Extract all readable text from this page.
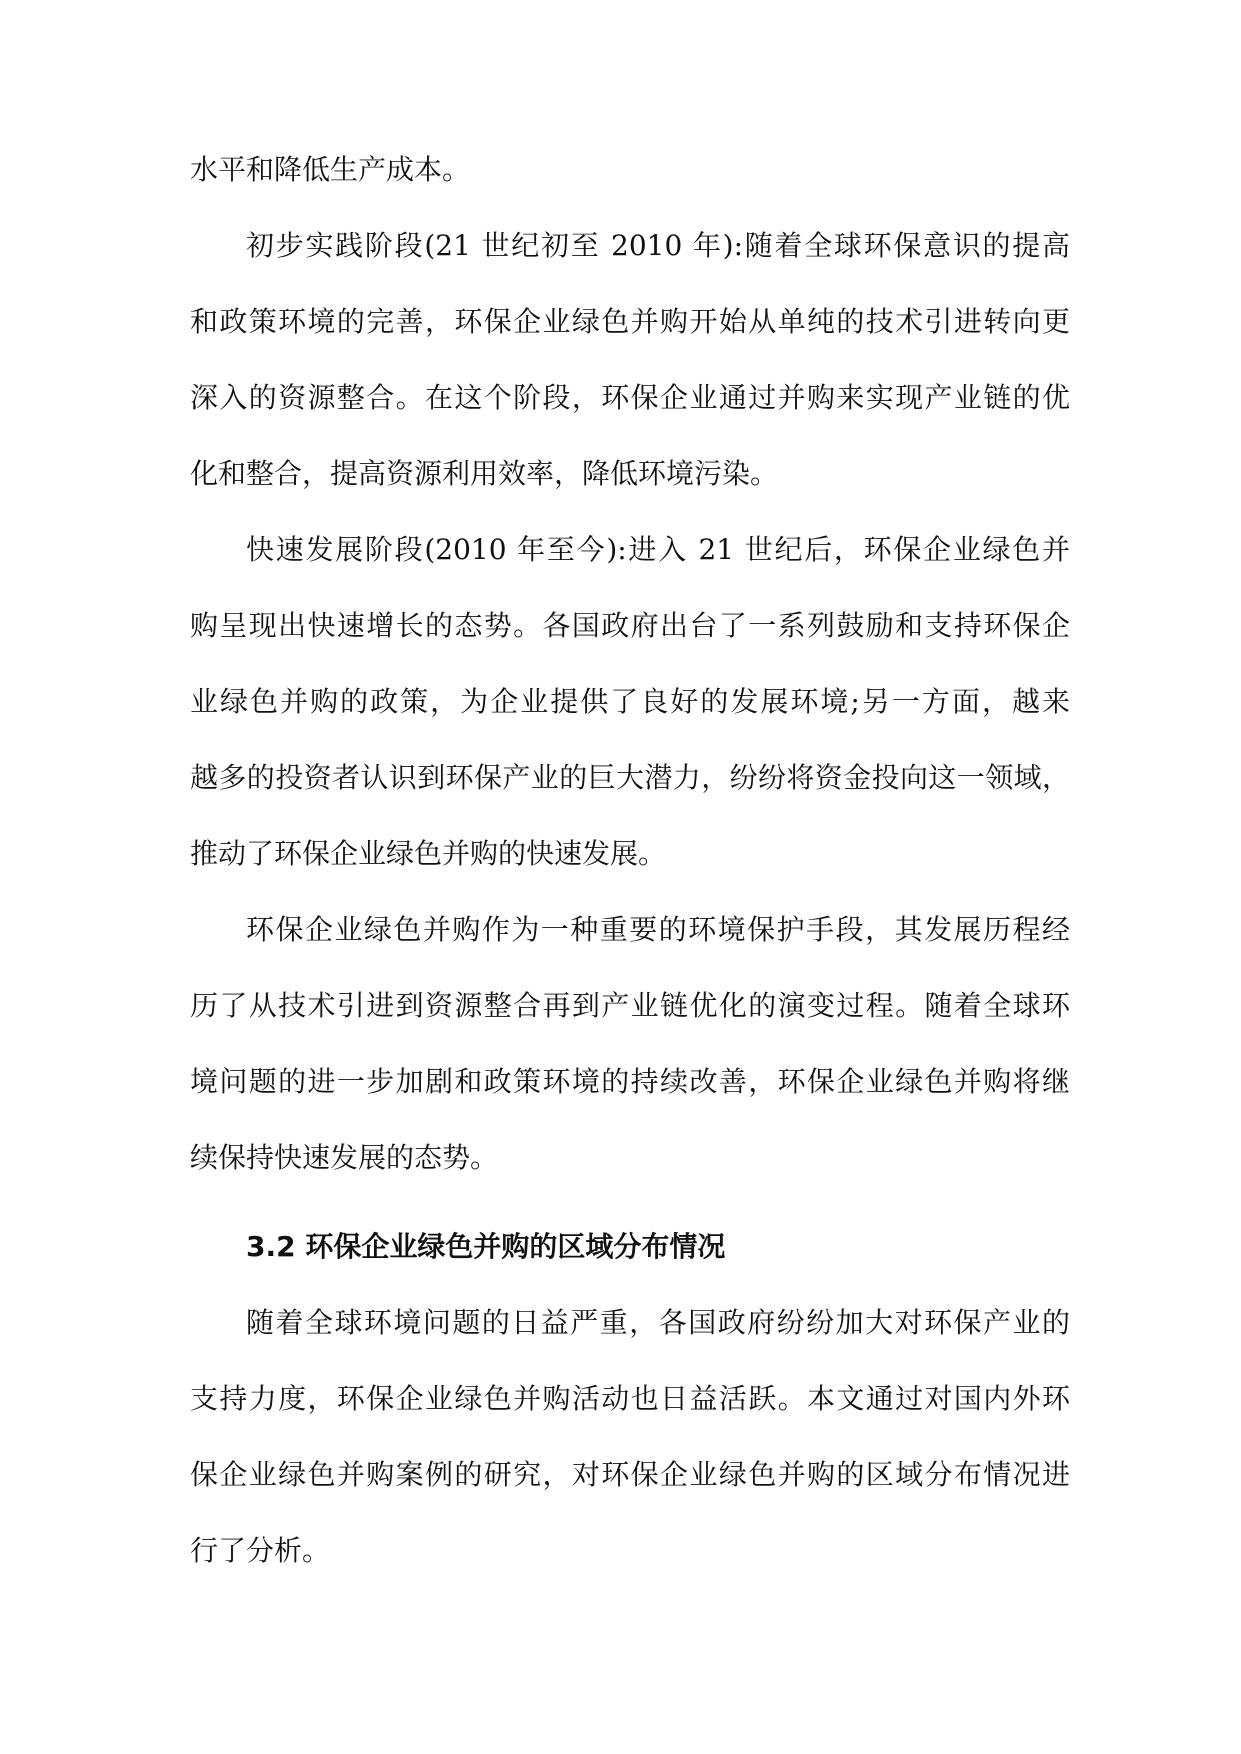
水平和降低生产成本。
初步实践阶段(21 世纪初至 2010 年):随着全球环保意识的提高
和政策环境的完善，环保企业绿色并购开始从单纯的技术引进转向更
深入的资源整合。在这个阶段，环保企业通过并购来实现产业链的优
化和整合，提高资源利用效率，降低环境污染。
快速发展阶段(2010 年至今):进入 21 世纪后，环保企业绿色并
购呈现出快速增长的态势。各国政府出台了一系列鼓励和支持环保企
业绿色并购的政策，为企业提供了良好的发展环境;另一方面，越来
越多的投资者认识到环保产业的巨大潜力，纷纷将资金投向这一领域，
推动了环保企业绿色并购的快速发展。
环保企业绿色并购作为一种重要的环境保护手段，其发展历程经
历了从技术引进到资源整合再到产业链优化的演变过程。随着全球环
境问题的进一步加剧和政策环境的持续改善，环保企业绿色并购将继
续保持快速发展的态势。
3.2 环保企业绿色并购的区域分布情况
随着全球环境问题的日益严重，各国政府纷纷加大对环保产业的
支持力度，环保企业绿色并购活动也日益活跃。本文通过对国内外环
保企业绿色并购案例的研究，对环保企业绿色并购的区域分布情况进
行了分析。
